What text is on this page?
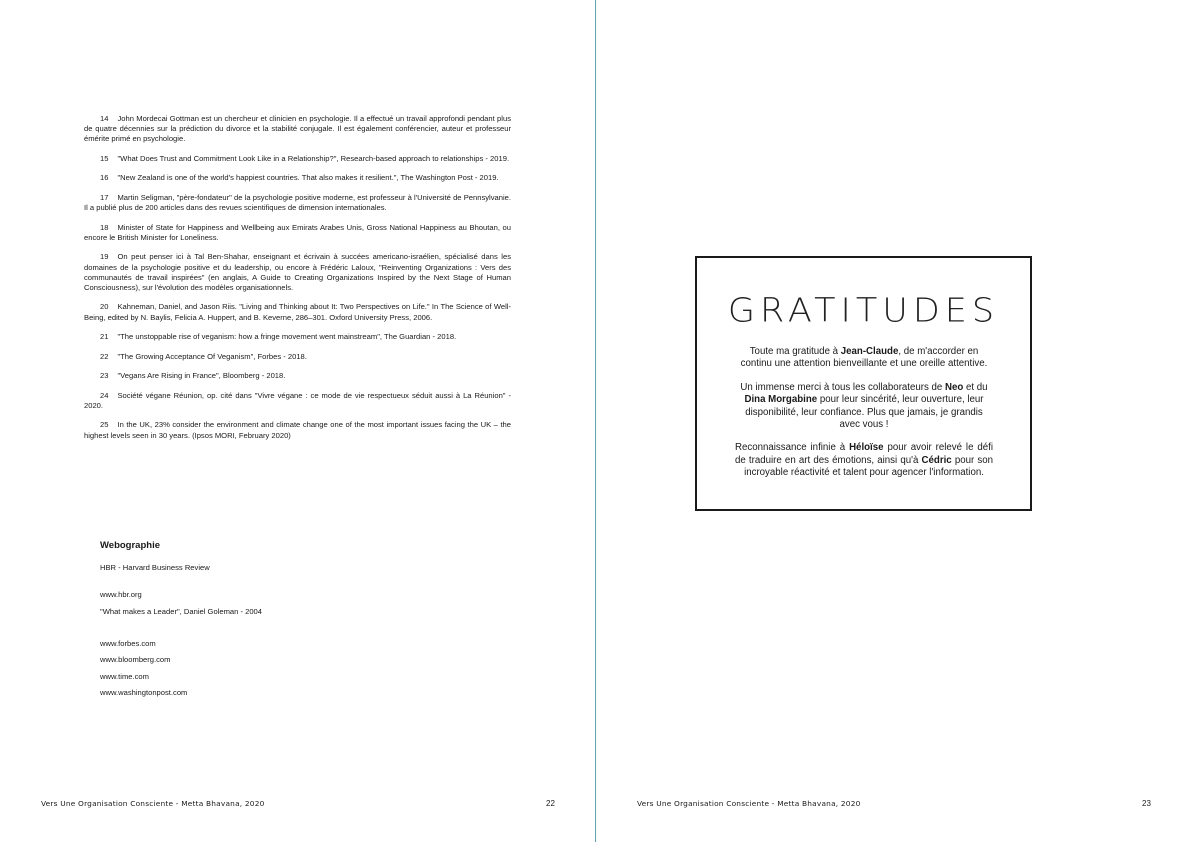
14 John Mordecai Gottman est un chercheur et clinicien en psychologie. Il a effectué un travail approfondi pendant plus de quatre décennies sur la prédiction du divorce et la stabilité conjugale. Il est également conférencier, auteur et professeur émérite primé en psychologie.

15 "What Does Trust and Commitment Look Like in a Relationship?", Research-based approach to relationships - 2019.

16 "New Zealand is one of the world's happiest countries. That also makes it resilient.", The Washington Post - 2019.

17 Martin Seligman, "père-fondateur" de la psychologie positive moderne, est professeur à l'Université de Pennsylvanie. Il a publié plus de 200 articles dans des revues scientifiques de dimension internationales.

18 Minister of State for Happiness and Wellbeing aux Emirats Arabes Unis, Gross National Happiness au Bhoutan, ou encore le British Minister for Loneliness.

19 On peut penser ici à Tal Ben-Shahar, enseignant et écrivain à succées americano-israélien, spécialisé dans les domaines de la psychologie positive et du leadership, ou encore à Frédéric Laloux, "Reinventing Organizations : Vers des communautés de travail inspirées" (en anglais, A Guide to Creating Organizations Inspired by the Next Stage of Human Consciousness), sur l'évolution des modèles organisationnels.

20 Kahneman, Daniel, and Jason Riis. "Living and Thinking about It: Two Perspectives on Life." In The Science of Well-Being, edited by N. Baylis, Felicia A. Huppert, and B. Keverne, 286–301. Oxford University Press, 2006.

21 "The unstoppable rise of veganism: how a fringe movement went mainstream", The Guardian - 2018.

22 "The Growing Acceptance Of Veganism", Forbes - 2018.

23 "Vegans Are Rising in France", Bloomberg - 2018.

24 Société végane Réunion, op. cité dans "Vivre végane : ce mode de vie respectueux séduit aussi à La Réunion" - 2020.

25 In the UK, 23% consider the environment and climate change one of the most important issues facing the UK – the highest levels seen in 30 years. (Ipsos MORI, February 2020)

Webographie

HBR - Harvard Business Review

www.hbr.org

"What makes a Leader", Daniel Goleman - 2004

www.forbes.com

www.bloomberg.com

www.time.com

www.washingtonpost.com

Vers Une Organisation Consciente - Metta Bhavana, 2020	22
GRATITUDES

Toute ma gratitude à Jean-Claude, de m'accorder en continu une attention bienveillante et une oreille attentive.

Un immense merci à tous les collaborateurs de Neo et du Dina Morgabine pour leur sincérité, leur ouverture, leur disponibilité, leur confiance. Plus que jamais, je grandis avec vous !

Reconnaissance infinie à Héloïse pour avoir relevé le défi de traduire en art des émotions, ainsi qu'à Cédric pour son incroyable réactivité et talent pour agencer l'information.

Vers Une Organisation Consciente - Metta Bhavana, 2020	23
